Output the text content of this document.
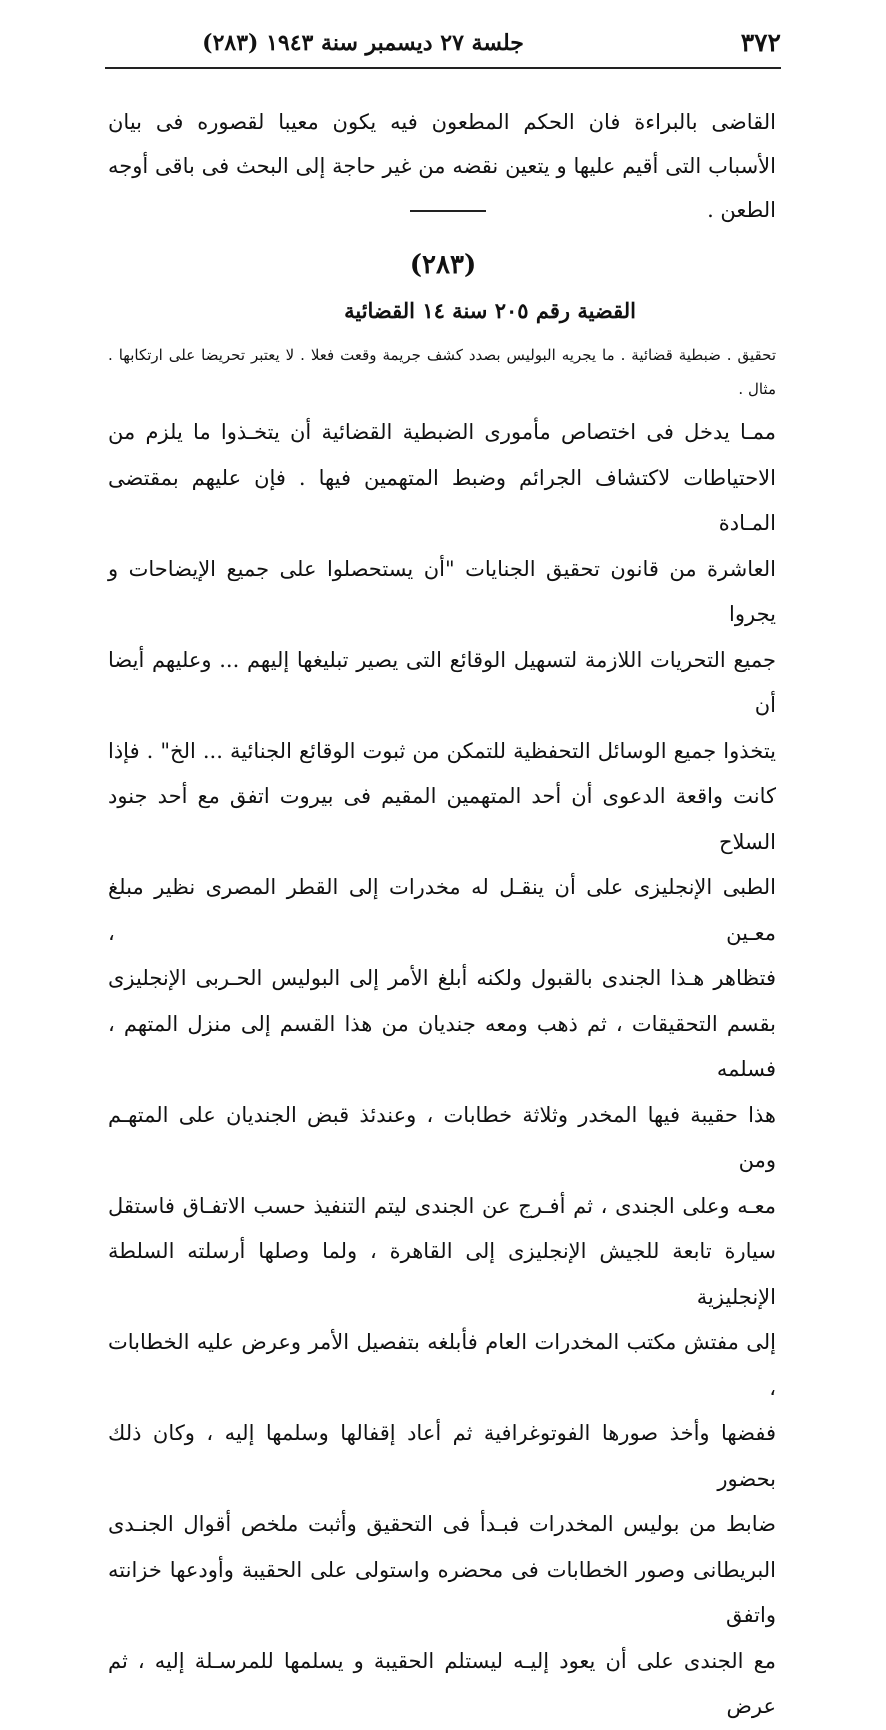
٣٧٢
جلسة ٢٧ ديسمبر سنة ١٩٤٣ (٢٨٣)
القاضى بالبراءة فان الحكم المطعون فيه يكون معيبا لقصوره فى بيان الأسباب التى أقيم عليها و يتعين نقضه من غير حاجة إلى البحث فى باقى أوجه الطعن .
(٢٨٣)
القضية رقم ٢٠٥ سنة ١٤ القضائية
تحقيق . ضبطية قضائية . ما يجريه البوليس بصدد كشف جريمة وقعت فعلا . لا يعتبر تحريضا على ارتكابها . مثال .
ممـا يدخل فى اختصاص مأمورى الضبطية القضائية أن يتخـذوا ما يلزم من
الاحتياطات لاكتشاف الجرائم وضبط المتهمين فيها . فإن عليهم بمقتضى المـادة
العاشرة من قانون تحقيق الجنايات "أن يستحصلوا على جميع الإيضاحات و يجروا
جميع التحريات اللازمة لتسهيل الوقائع التى يصير تبليغها إليهم ... وعليهم أيضا أن
يتخذوا جميع الوسائل التحفظية للتمكن من ثبوت الوقائع الجنائية ... الخ" . فإذا
كانت واقعة الدعوى أن أحد المتهمين المقيم فى بيروت اتفق مع أحد جنود السلاح
الطبى الإنجليزى على أن ينقـل له مخدرات إلى القطر المصرى نظير مبلغ معـين ،
فتظاهر هـذا الجندى بالقبول ولكنه أبلغ الأمر إلى البوليس الحـربى الإنجليزى
بقسم التحقيقات ، ثم ذهب ومعه جنديان من هذا القسم إلى منزل المتهم ، فسلمه
هذا حقيبة فيها المخدر وثلاثة خطابات ، وعندئذ قبض الجنديان على المتهـم ومن
معـه وعلى الجندى ، ثم أفـرج عن الجندى ليتم التنفيذ حسب الاتفـاق فاستقل
سيارة تابعة للجيش الإنجليزى إلى القاهرة ، ولما وصلها أرسلته السلطة الإنجليزية
إلى مفتش مكتب المخدرات العام فأبلغه بتفصيل الأمر وعرض عليه الخطابات ،
ففضها وأخذ صورها الفوتوغرافية ثم أعاد إقفالها وسلمها إليه ، وكان ذلك بحضور
ضابط من بوليس المخدرات فبـدأ فى التحقيق وأثبت ملخص أقوال الجنـدى
البريطانى وصور الخطابات فى محضره واستولى على الحقيبة وأودعها خزانته واتفق
مع الجندى على أن يعود إليـه ليستلم الحقيبة و يسلمها للمرسـلة إليه ، ثم عرض
